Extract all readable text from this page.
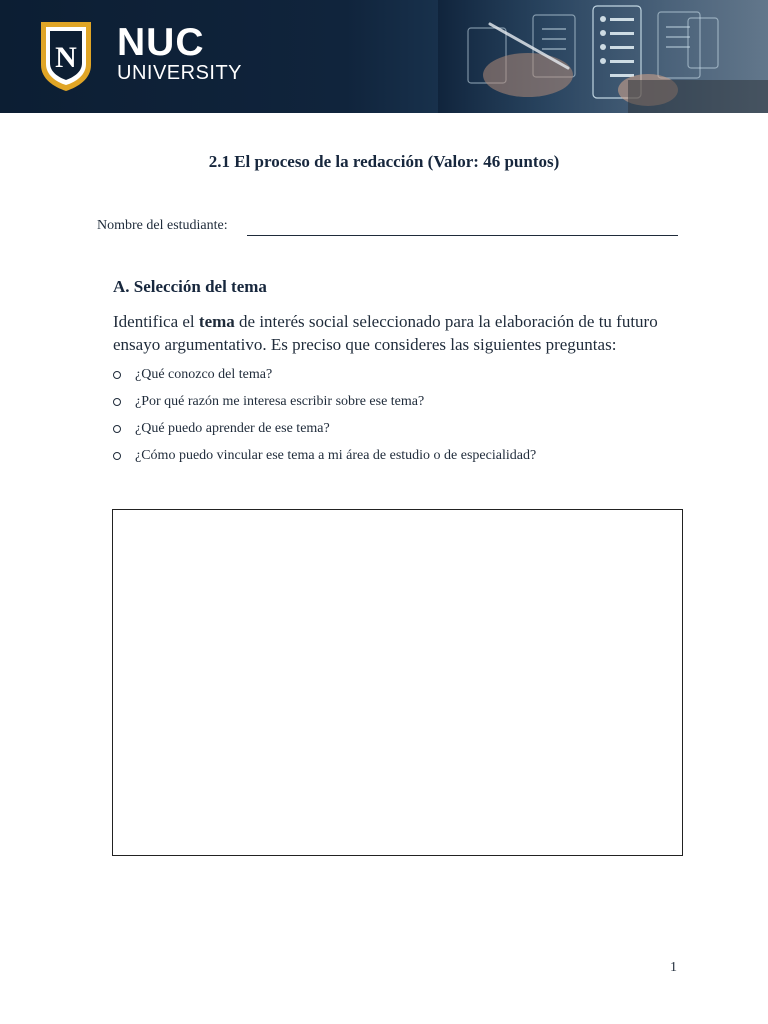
N NUC
UNIVERSITY
2.1 El proceso de la redacción (Valor: 46 puntos)
Nombre del estudiante:
A. Selección del tema
Identifica el tema de interés social seleccionado para la elaboración de tu futuro ensayo argumentativo. Es preciso que consideres las siguientes preguntas:
¿Qué conozco del tema?
¿Por qué razón me interesa escribir sobre ese tema?
¿Qué puedo aprender de ese tema?
¿Cómo puedo vincular ese tema a mi área de estudio o de especialidad?
1
